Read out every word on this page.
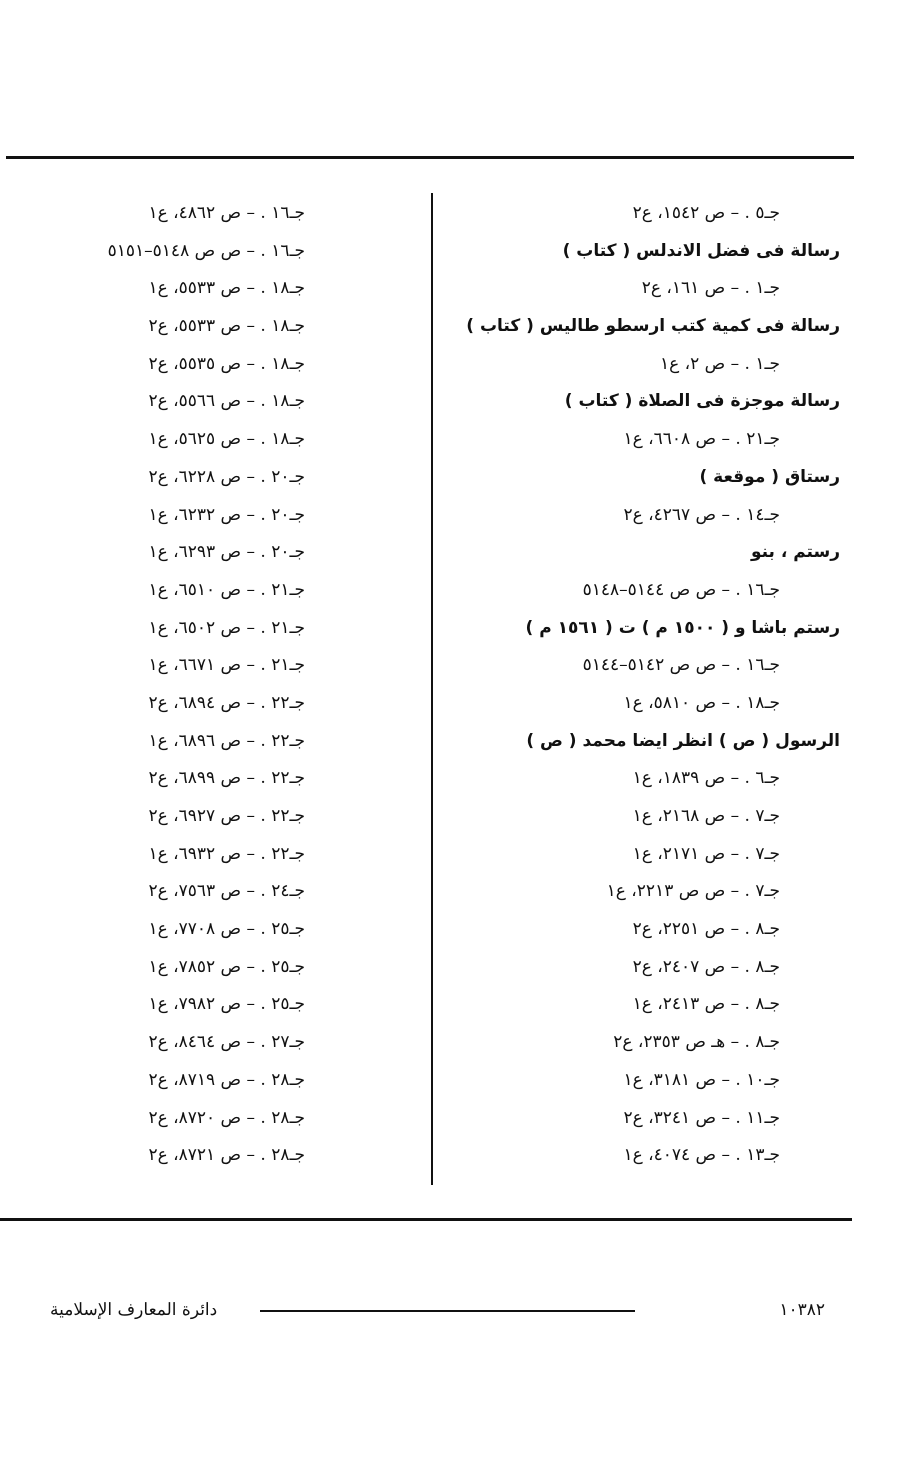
جـ٥ . – ص ١٥٤٢، ع٢
رسالة فى فضل الاندلس ( كتاب )
جـ١ . – ص ١٦١، ع٢
رسالة فى كمية كتب ارسطو طاليس ( كتاب )
جـ١ . – ص ٢، ع١
رسالة موجزة فى الصلاة ( كتاب )
جـ٢١ . – ص ٦٦٠٨، ع١
رستاق ( موقعة )
جـ١٤ . – ص ٤٢٦٧، ع٢
رستم ، بنو
جـ١٦ . – ص ص ٥١٤٤–٥١٤٨
رستم باشا و ( ١٥٠٠ م ) ت ( ١٥٦١ م )
جـ١٦ . – ص ص ٥١٤٢–٥١٤٤
جـ١٨ . – ص ٥٨١٠، ع١
الرسول ( ص ) انظر ايضا محمد ( ص )
جـ٦ . – ص ١٨٣٩، ع١
جـ٧ . – ص ٢١٦٨، ع١
جـ٧ . – ص ٢١٧١، ع١
جـ٧ . – ص ص ٢٢١٣، ع١
جـ٨ . – ص ٢٢٥١، ع٢
جـ٨ . – ص ٢٤٠٧، ع٢
جـ٨ . – ص ٢٤١٣، ع١
جـ٨ . – هـ ص ٢٣٥٣، ع٢
جـ١٠ . – ص ٣١٨١، ع١
جـ١١ . – ص ٣٢٤١، ع٢
جـ١٣ . – ص ٤٠٧٤، ع١
جـ١٦ . – ص ٤٨٦٢، ع١
جـ١٦ . – ص ص ٥١٤٨–٥١٥١
جـ١٨ . – ص ٥٥٣٣، ع١
جـ١٨ . – ص ٥٥٣٣، ع٢
جـ١٨ . – ص ٥٥٣٥، ع٢
جـ١٨ . – ص ٥٥٦٦، ع٢
جـ١٨ . – ص ٥٦٢٥، ع١
جـ٢٠ . – ص ٦٢٢٨، ع٢
جـ٢٠ . – ص ٦٢٣٢، ع١
جـ٢٠ . – ص ٦٢٩٣، ع١
جـ٢١ . – ص ٦٥١٠، ع١
جـ٢١ . – ص ٦٥٠٢، ع١
جـ٢١ . – ص ٦٦٧١، ع١
جـ٢٢ . – ص ٦٨٩٤، ع٢
جـ٢٢ . – ص ٦٨٩٦، ع١
جـ٢٢ . – ص ٦٨٩٩، ع٢
جـ٢٢ . – ص ٦٩٢٧، ع٢
جـ٢٢ . – ص ٦٩٣٢، ع١
جـ٢٤ . – ص ٧٥٦٣، ع٢
جـ٢٥ . – ص ٧٧٠٨، ع١
جـ٢٥ . – ص ٧٨٥٢، ع١
جـ٢٥ . – ص ٧٩٨٢، ع١
جـ٢٧ . – ص ٨٤٦٤، ع٢
جـ٢٨ . – ص ٨٧١٩، ع٢
جـ٢٨ . – ص ٨٧٢٠، ع٢
جـ٢٨ . – ص ٨٧٢١، ع٢
دائرة المعارف الإسلامية	١٠٣٨٢
